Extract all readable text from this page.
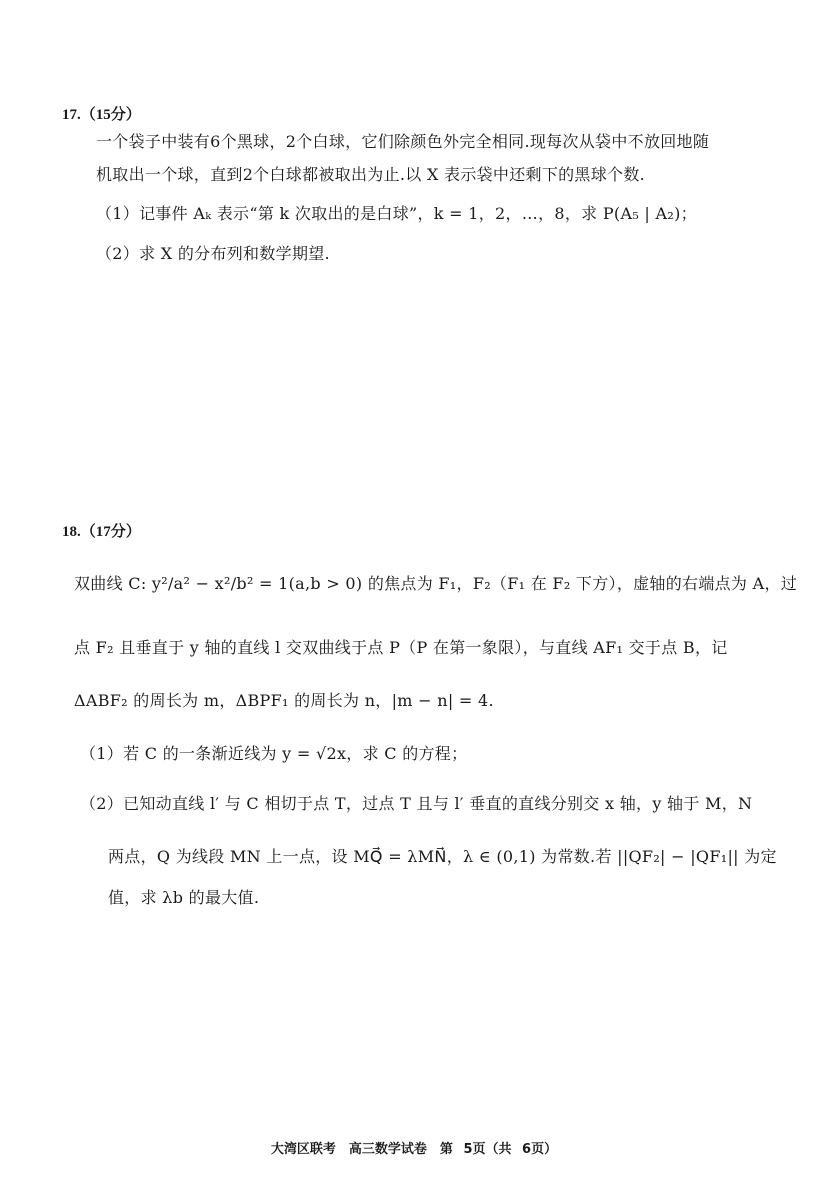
17.（15分）
一个袋子中装有6个黑球，2个白球，它们除颜色外完全相同.现每次从袋中不放回地随
机取出一个球，直到2个白球都被取出为止.以 X 表示袋中还剩下的黑球个数.
（1）记事件 Aₖ 表示“第 k 次取出的是白球”，k = 1，2，…，8，求 P(A₅ | A₂)；
（2）求 X 的分布列和数学期望.
18.（17分）
双曲线 C: y²/a² − x²/b² = 1(a,b > 0) 的焦点为 F₁，F₂（F₁ 在 F₂ 下方），虚轴的右端点为 A，过
点 F₂ 且垂直于 y 轴的直线 l 交双曲线于点 P（P 在第一象限），与直线 AF₁ 交于点 B，记
ΔABF₂ 的周长为 m，ΔBPF₁ 的周长为 n，|m − n| = 4.
（1）若 C 的一条渐近线为 y = √2x，求 C 的方程；
（2）已知动直线 l′ 与 C 相切于点 T，过点 T 且与 l′ 垂直的直线分别交 x 轴，y 轴于 M，N
两点，Q 为线段 MN 上一点，设 MQ⃗ = λMN⃗，λ ∈ (0,1) 为常数.若 ||QF₂| − |QF₁|| 为定
值，求 λb 的最大值.
大湾区联考　高三数学试卷　第 5页（共 6页）
